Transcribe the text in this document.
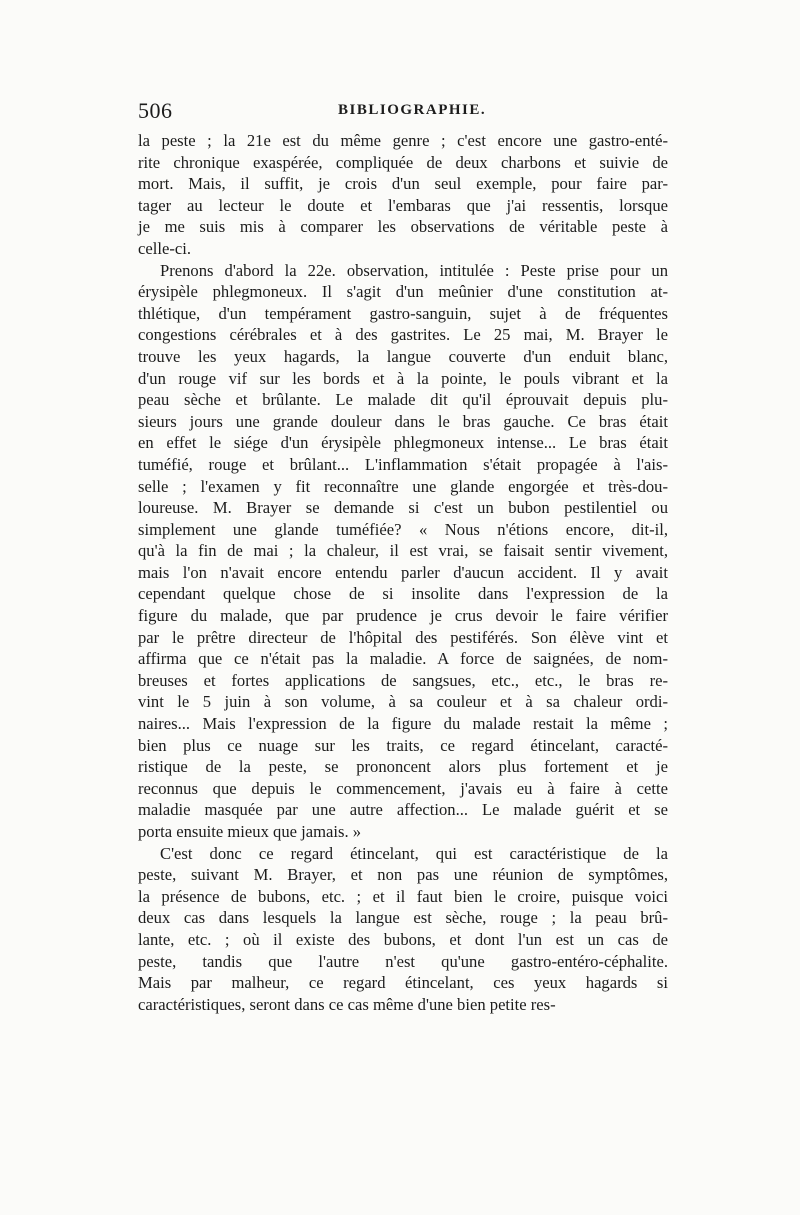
506	BIBLIOGRAPHIE.

la peste ; la 21e est du même genre ; c'est encore une gastro-enté-
rite chronique exaspérée, compliquée de deux charbons et suivie de
mort. Mais, il suffit, je crois d'un seul exemple, pour faire par-
tager au lecteur le doute et l'embaras que j'ai ressentis, lorsque
je me suis mis à comparer les observations de véritable peste à
celle-ci.

Prenons d'abord la 22e. observation, intitulée : Peste prise pour un
érysipèle phlegmoneux. Il s'agit d'un meûnier d'une constitution at-
thlétique, d'un tempérament gastro-sanguin, sujet à de fréquentes
congestions cérébrales et à des gastrites. Le 25 mai, M. Brayer le
trouve les yeux hagards, la langue couverte d'un enduit blanc,
d'un rouge vif sur les bords et à la pointe, le pouls vibrant et la
peau sèche et brûlante. Le malade dit qu'il éprouvait depuis plu-
sieurs jours une grande douleur dans le bras gauche. Ce bras était
en effet le siége d'un érysipèle phlegmoneux intense... Le bras était
tuméfié, rouge et brûlant... L'inflammation s'était propagée à l'ais-
selle ; l'examen y fit reconnaître une glande engorgée et très-dou-
loureuse. M. Brayer se demande si c'est un bubon pestilentiel ou
simplement une glande tuméfiée? « Nous n'étions encore, dit-il,
qu'à la fin de mai ; la chaleur, il est vrai, se faisait sentir vivement,
mais l'on n'avait encore entendu parler d'aucun accident. Il y avait
cependant quelque chose de si insolite dans l'expression de la
figure du malade, que par prudence je crus devoir le faire vérifier
par le prêtre directeur de l'hôpital des pestiférés. Son élève vint et
affirma que ce n'était pas la maladie. A force de saignées, de nom-
breuses et fortes applications de sangsues, etc., etc., le bras re-
vint le 5 juin à son volume, à sa couleur et à sa chaleur ordi-
naires... Mais l'expression de la figure du malade restait la même ;
bien plus ce nuage sur les traits, ce regard étincelant, caracté-
ristique de la peste, se prononcent alors plus fortement et je
reconnus que depuis le commencement, j'avais eu à faire à cette
maladie masquée par une autre affection... Le malade guérit et se
porta ensuite mieux que jamais. »

C'est donc ce regard étincelant, qui est caractéristique de la
peste, suivant M. Brayer, et non pas une réunion de symptômes,
la présence de bubons, etc. ; et il faut bien le croire, puisque voici
deux cas dans lesquels la langue est sèche, rouge ; la peau brû-
lante, etc. ; où il existe des bubons, et dont l'un est un cas de
peste, tandis que l'autre n'est qu'une gastro-entéro-céphalite.
Mais par malheur, ce regard étincelant, ces yeux hagards si
caractéristiques, seront dans ce cas même d'une bien petite res-
